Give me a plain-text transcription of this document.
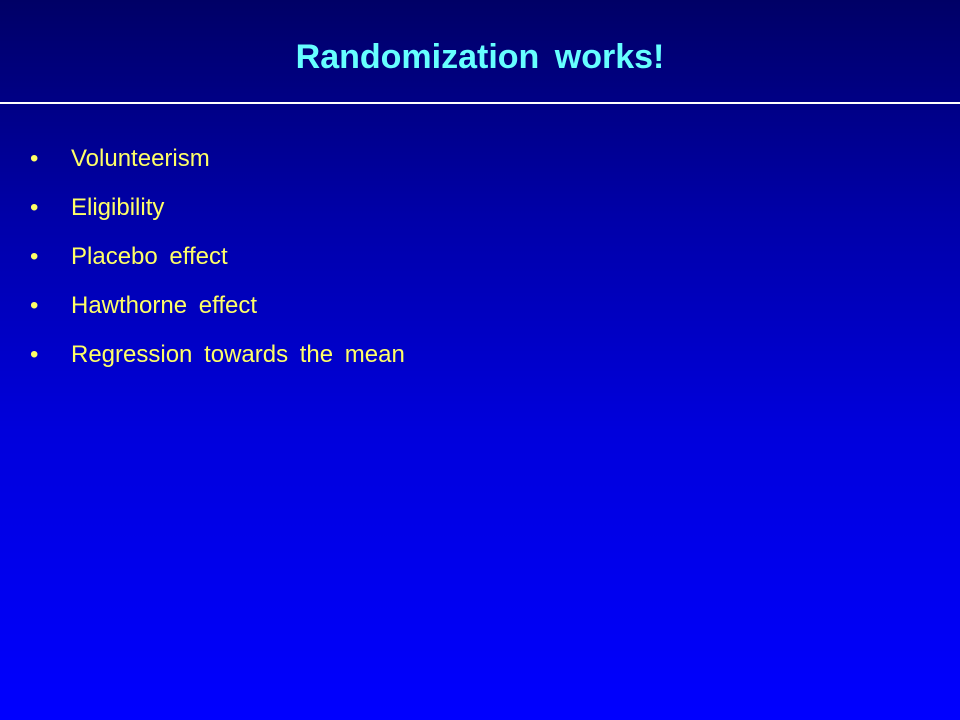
Randomization works!
•	Volunteerism
•	Eligibility
•	Placebo effect
•	Hawthorne effect
•	Regression towards the mean
